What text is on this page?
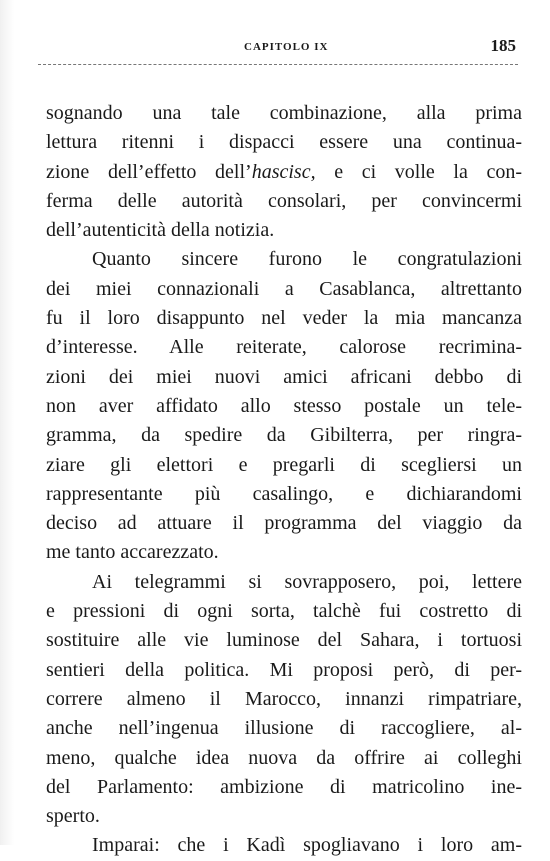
CAPITOLO IX	185
sognando una tale combinazione, alla prima
lettura ritenni i dispacci essere una continua-
zione dell’effetto dell’hascisc, e ci volle la con-
ferma delle autorità consolari, per convincermi
dell’autenticità della notizia.
Quanto sincere furono le congratulazioni
dei miei connazionali a Casablanca, altrettanto
fu il loro disappunto nel veder la mia mancanza
d’interesse. Alle reiterate, calorose recrimina-
zioni dei miei nuovi amici africani debbo di
non aver affidato allo stesso postale un tele-
gramma, da spedire da Gibilterra, per ringra-
ziare gli elettori e pregarli di scegliersi un
rappresentante più casalingo, e dichiarandomi
deciso ad attuare il programma del viaggio da
me tanto accarezzato.
Ai telegrammi si sovrapposero, poi, lettere
e pressioni di ogni sorta, talchè fui costretto di
sostituire alle vie luminose del Sahara, i tortuosi
sentieri della politica. Mi proposi però, di per-
correre almeno il Marocco, innanzi rimpatriare,
anche nell’ingenua illusione di raccogliere, al-
meno, qualche idea nuova da offrire ai colleghi
del Parlamento: ambizione di matricolino ine-
sperto.
Imparai: che i Kadì spogliavano i loro am-
